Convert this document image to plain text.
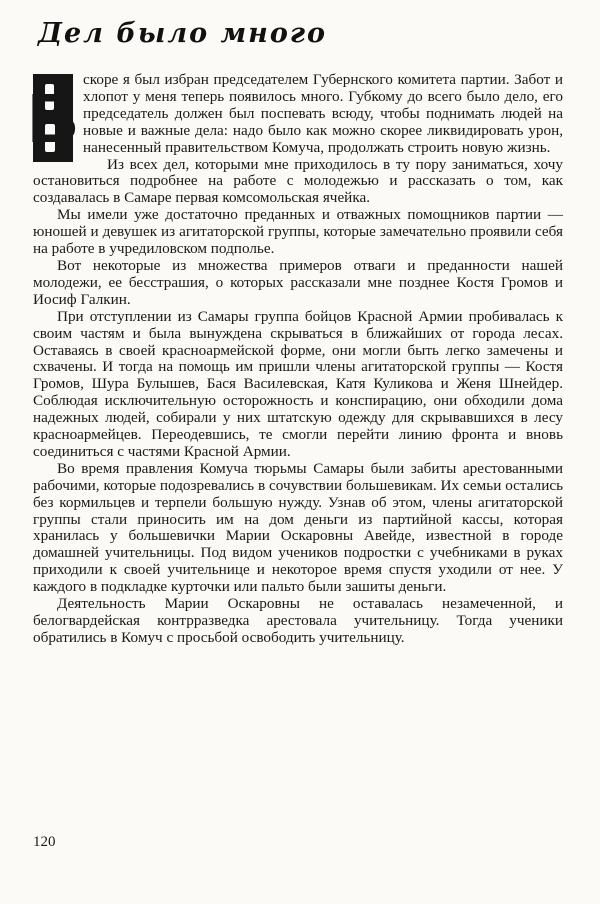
Дел было много

В скоре я был избран председателем Губернского комитета партии. Забот и хлопот у меня теперь появилось много. Губкому до всего было дело, его председатель должен был поспевать всюду, чтобы поднимать людей на новые и важные дела: надо было как можно скорее ликвидировать урон, нанесенный правительством Комуча, продолжать строить новую жизнь.

Из всех дел, которыми мне приходилось в ту пору заниматься, хочу остановиться подробнее на работе с молодежью и рассказать о том, как создавалась в Самаре первая комсомольская ячейка.

Мы имели уже достаточно преданных и отважных помощников партии — юношей и девушек из агитаторской группы, которые замечательно проявили себя на работе в учредиловском подполье.

Вот некоторые из множества примеров отваги и преданности нашей молодежи, ее бесстрашия, о которых рассказали мне позднее Костя Громов и Иосиф Галкин.

При отступлении из Самары группа бойцов Красной Армии пробивалась к своим частям и была вынуждена скрываться в ближайших от города лесах. Оставаясь в своей красноармейской форме, они могли быть легко замечены и схвачены. И тогда на помощь им пришли члены агитаторской группы — Костя Громов, Шура Булышев, Бася Василевская, Катя Куликова и Женя Шнейдер. Соблюдая исключительную осторожность и конспирацию, они обходили дома надежных людей, собирали у них штатскую одежду для скрывавшихся в лесу красноармейцев. Переодевшись, те смогли перейти линию фронта и вновь соединиться с частями Красной Армии.

Во время правления Комуча тюрьмы Самары были забиты арестованными рабочими, которые подозревались в сочувствии большевикам. Их семьи остались без кормильцев и терпели большую нужду. Узнав об этом, члены агитаторской группы стали приносить им на дом деньги из партийной кассы, которая хранилась у большевички Марии Оскаровны Авейде, известной в городе домашней учительницы. Под видом учеников подростки с учебниками в руках приходили к своей учительнице и некоторое время спустя уходили от нее. У каждого в подкладке курточки или пальто были зашиты деньги.

Деятельность Марии Оскаровны не оставалась незамеченной, и белогвардейская контрразведка арестовала учительницу. Тогда ученики обратились в Комуч с просьбой освободить учительницу.

120
